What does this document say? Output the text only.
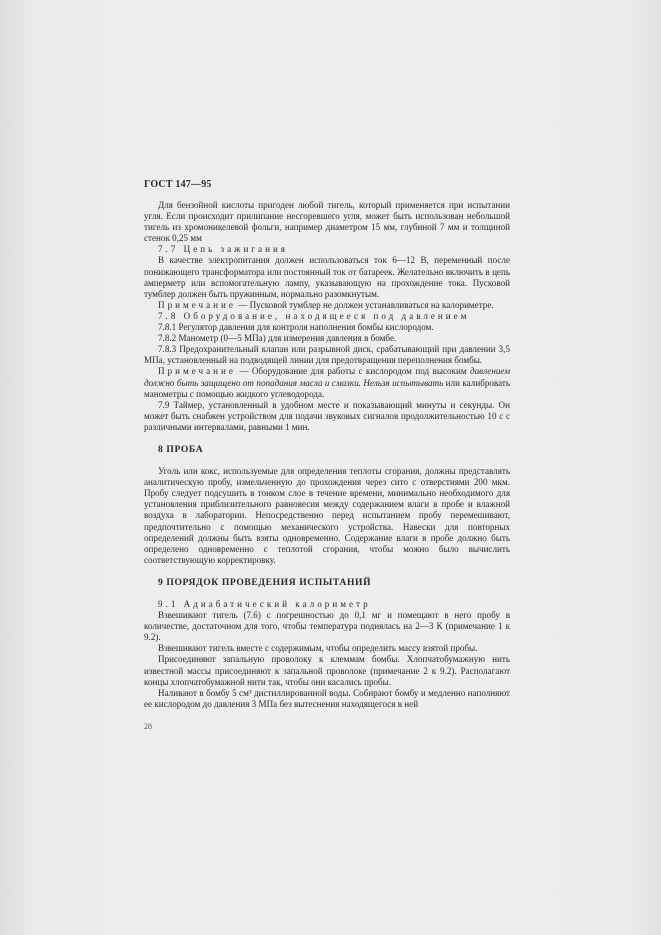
ГОСТ 147—95

Для бензойной кислоты пригоден любой тигель, который применяется при испытании угля. Если происходит прилипание несгоревшего угля, может быть использован небольшой тигель из хромоникелевой фольги, например диаметром 15 мм, глубиной 7 мм и толщиной стенок 0,25 мм

7.7 Цепь зажигания

В качестве электропитания должен использоваться ток 6—12 В, переменный после понижающего трансформатора или постоянный ток от батареек. Желательно включить в цепь амперметр или вспомогательную лампу, указывающую на прохождение тока. Пусковой тумблер должен быть пружинным, нормально разомкнутым.

Примечание — Пусковой тумблер не должен устанавливаться на калориметре.

7.8 Оборудование, находящееся под давлением

7.8.1 Регулятор давления для контроля наполнения бомбы кислородом.

7.8.2 Манометр (0—5 МПа) для измерения давления в бомбе.

7.8.3 Предохранительный клапан или разрывной диск, срабатывающий при давлении 3,5 МПа, установленный на подводящей линии для предотвращения переполнения бомбы.

Примечание — Оборудование для работы с кислородом под высоким давлением должно быть защищено от попадания масла и смазки. Нельзя испытывать или калибровать манометры с помощью жидкого углеводорода.

7.9 Таймер, установленный в удобном месте и показывающий минуты и секунды. Он может быть снабжен устройством для подачи звуковых сигналов продолжительностью 10 с с различными интервалами, равными 1 мин.

8 ПРОБА

Уголь или кокс, используемые для определения теплоты сгорания, должны представлять аналитическую пробу, измельченную до прохождения через сито с отверстиями 200 мкм. Пробу следует подсушить в тонком слое в течение времени, минимально необходимого для установления приблизительного равновесия между содержанием влаги в пробе и влажной воздуха в лаборатории. Непосредственно перед испытанием пробу перемешивают, предпочтительно с помощью механического устройства. Навески для повторных определений должны быть взяты одновременно. Содержание влаги в пробе должно быть определено одновременно с теплотой сгорания, чтобы можно было вычислить соответствующую корректировку.

9 ПОРЯДОК ПРОВЕДЕНИЯ ИСПЫТАНИЙ

9.1 Адиабатический калориметр

Взвешивают тигель (7.6) с погрешностью до 0,1 мг и помещают в него пробу в количестве, достаточном для того, чтобы температура поднялась на 2—3 К (примечание 1 к 9.2).

Взвешивают тигель вместе с содержимым, чтобы определить массу взятой пробы.

Присоединяют запальную проволоку к клеммам бомбы. Хлопчатобумажную нить известной массы присоединяют к запальной проволоке (примечание 2 к 9.2). Располагают концы хлопчатобумажной нити так, чтобы они касались пробы.

Наливают в бомбу 5 см³ дистиллированной воды. Собирают бомбу и медленно наполняют ее кислородом до давления 3 МПа без вытеснения находящегося в ней

28
